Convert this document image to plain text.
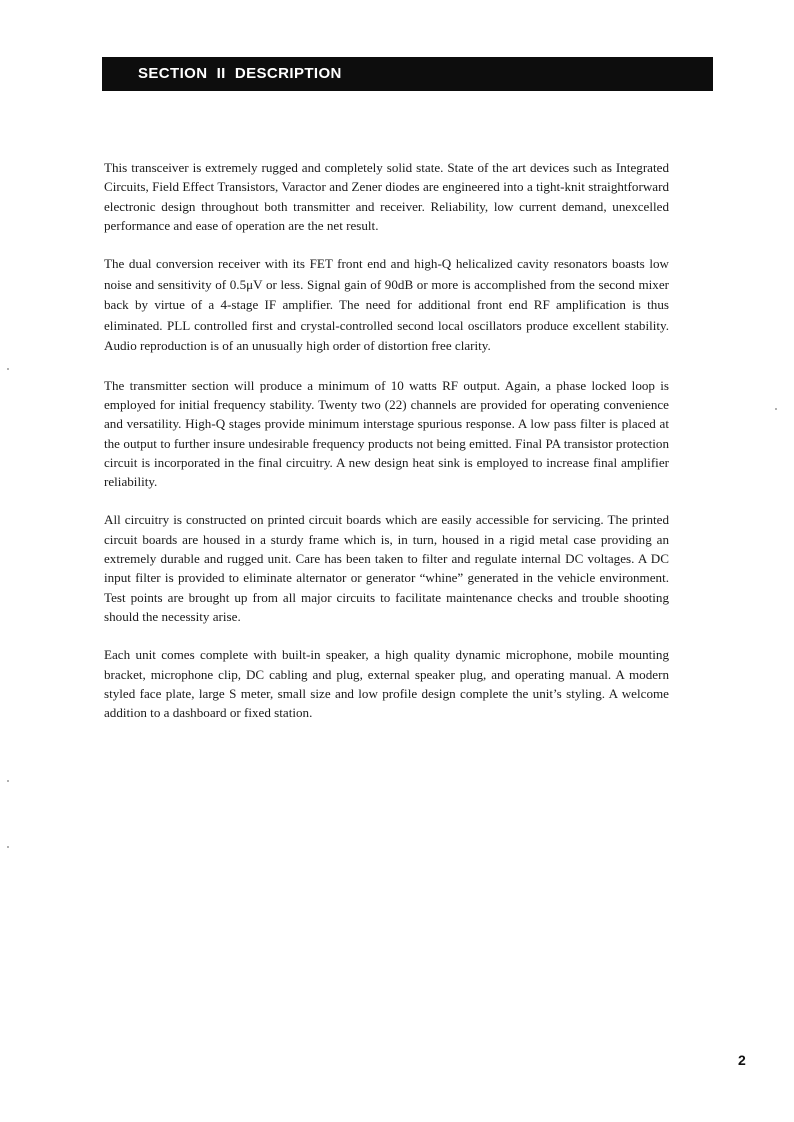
SECTION  II  DESCRIPTION

This transceiver is extremely rugged and completely solid state. State of the art devices such as Integrated Circuits, Field Effect Transistors, Varactor and Zener diodes are engineered into a tight-knit straightforward electronic design throughout both transmitter and receiver. Reliability, low current demand, unexcelled performance and ease of operation are the net result.

The dual conversion receiver with its FET front end and high-Q helicalized cavity resonators boasts low noise and sensitivity of 0.5μV or less. Signal gain of 90dB or more is accomplished from the second mixer back by virtue of a 4-stage IF amplifier. The need for additional front end RF amplification is thus eliminated. PLL controlled first and crystal-controlled second local oscillators produce excellent stability. Audio reproduction is of an unusually high order of distortion free clarity.

The transmitter section will produce a minimum of 10 watts RF output. Again, a phase locked loop is employed for initial frequency stability. Twenty two (22) channels are provided for operating convenience and versatility. High-Q stages provide minimum interstage spurious response. A low pass filter is placed at the output to further insure undesirable frequency products not being emitted. Final PA transistor protection circuit is incorporated in the final circuitry. A new design heat sink is employed to increase final amplifier reliability.

All circuitry is constructed on printed circuit boards which are easily accessible for servicing. The printed circuit boards are housed in a sturdy frame which is, in turn, housed in a rigid metal case providing an extremely durable and rugged unit. Care has been taken to filter and regulate internal DC voltages. A DC input filter is provided to eliminate alternator or generator “whine” generated in the vehicle environment. Test points are brought up from all major circuits to facilitate maintenance checks and trouble shooting should the necessity arise.

Each unit comes complete with built-in speaker, a high quality dynamic microphone, mobile mounting bracket, microphone clip, DC cabling and plug, external speaker plug, and operating manual. A modern styled face plate, large S meter, small size and low profile design complete the unit’s styling. A welcome addition to a dashboard or fixed station.

2
